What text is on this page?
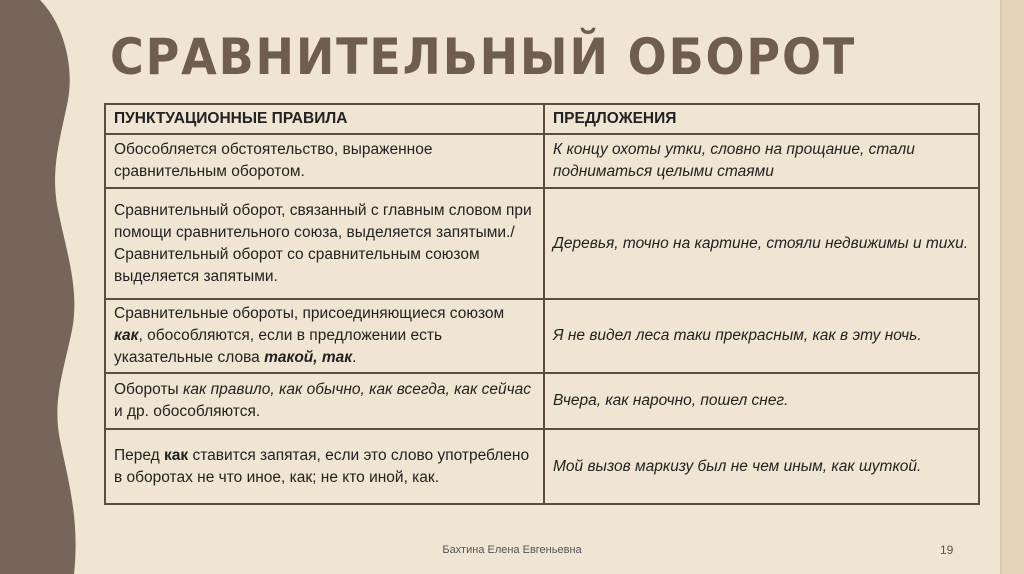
СРАВНИТЕЛЬНЫЙ ОБОРОТ
ПУНКТУАЦИОННЫЕ ПРАВИЛА	ПРЕДЛОЖЕНИЯ
Обособляется обстоятельство, выраженное сравнительным оборотом.	К концу охоты утки, словно на прощание, стали подниматься целыми стаями
Сравнительный оборот, связанный с главным словом при помощи сравнительного союза, выделяется запятыми./ Сравнительный оборот со сравнительным союзом выделяется запятыми.	Деревья, точно на картине, стояли недвижимы и тихи.
Сравнительные обороты, присоединяющиеся союзом как, обособляются, если в предложении есть указательные слова такой, так.	Я не видел леса таки прекрасным, как в эту ночь.
Обороты как правило, как обычно, как всегда, как сейчас и др. обособляются.	Вчера, как нарочно, пошел снег.
Перед как ставится запятая, если это слово употреблено в оборотах не что иное, как; не кто иной, как.	Мой вызов маркизу был не чем иным, как шуткой.
Бахтина Елена Евгеньевна	19
